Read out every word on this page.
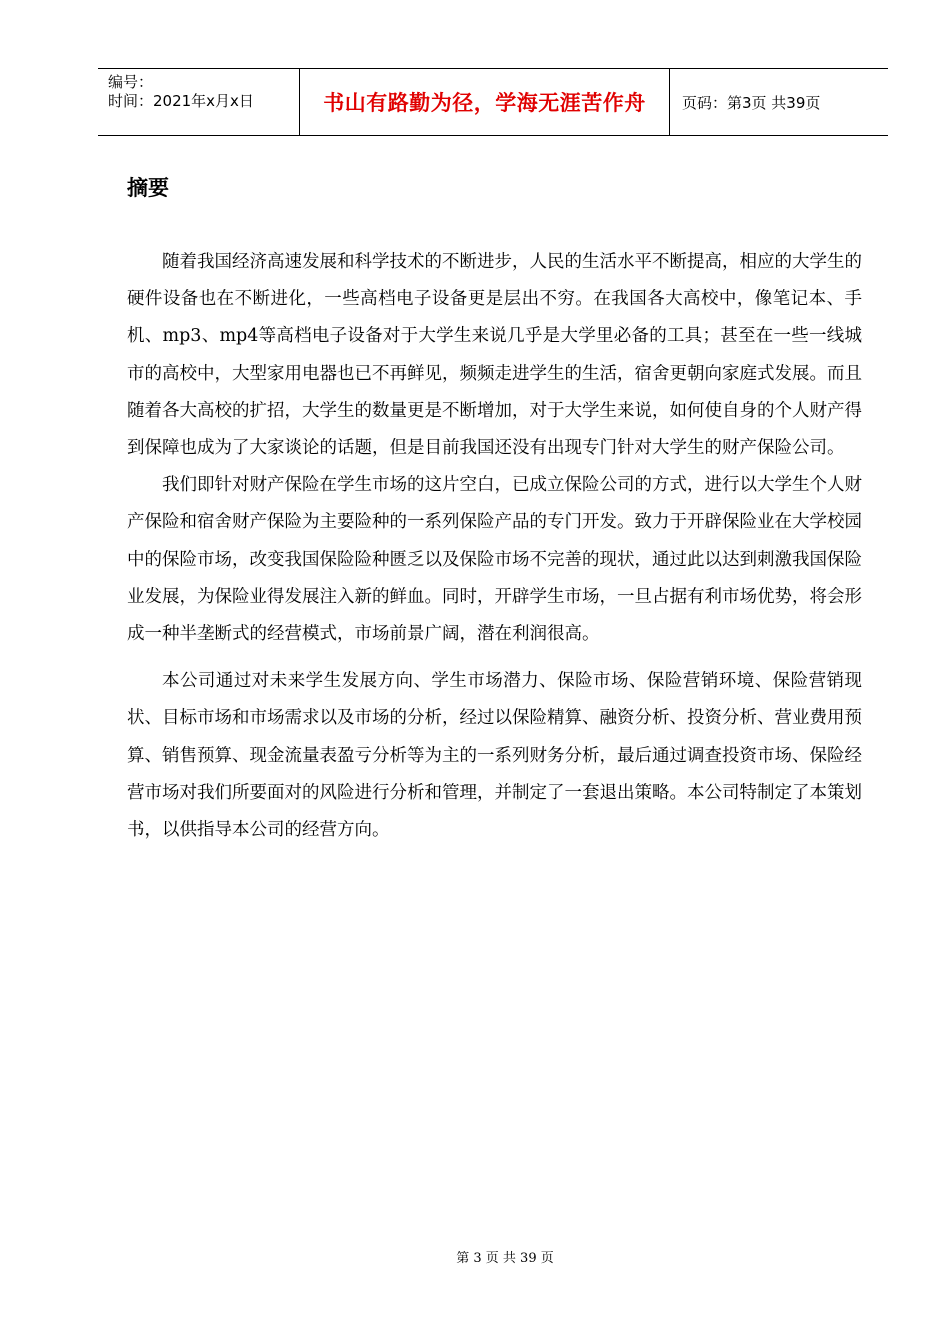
编号：
时间：2021年x月x日	书山有路勤为径，学海无涯苦作舟 页码：第3页 共39页
摘要

随着我国经济高速发展和科学技术的不断进步，人民的生活水平不断提高，相应的大学生的硬件设备也在不断进化，一些高档电子设备更是层出不穷。在我国各大高校中，像笔记本、手机、mp3、mp4等高档电子设备对于大学生来说几乎是大学里必备的工具；甚至在一些一线城市的高校中，大型家用电器也已不再鲜见，频频走进学生的生活，宿舍更朝向家庭式发展。而且随着各大高校的扩招，大学生的数量更是不断增加，对于大学生来说，如何使自身的个人财产得到保障也成为了大家谈论的话题，但是目前我国还没有出现专门针对大学生的财产保险公司。

我们即针对财产保险在学生市场的这片空白，已成立保险公司的方式，进行以大学生个人财产保险和宿舍财产保险为主要险种的一系列保险产品的专门开发。致力于开辟保险业在大学校园中的保险市场，改变我国保险险种匮乏以及保险市场不完善的现状，通过此以达到刺激我国保险业发展，为保险业得发展注入新的鲜血。同时，开辟学生市场，一旦占据有利市场优势，将会形成一种半垄断式的经营模式，市场前景广阔，潜在利润很高。

本公司通过对未来学生发展方向、学生市场潜力、保险市场、保险营销环境、保险营销现状、目标市场和市场需求以及市场的分析，经过以保险精算、融资分析、投资分析、营业费用预算、销售预算、现金流量表盈亏分析等为主的一系列财务分析，最后通过调查投资市场、保险经营市场对我们所要面对的风险进行分析和管理，并制定了一套退出策略。本公司特制定了本策划书，以供指导本公司的经营方向。

第 3 页 共 39 页
